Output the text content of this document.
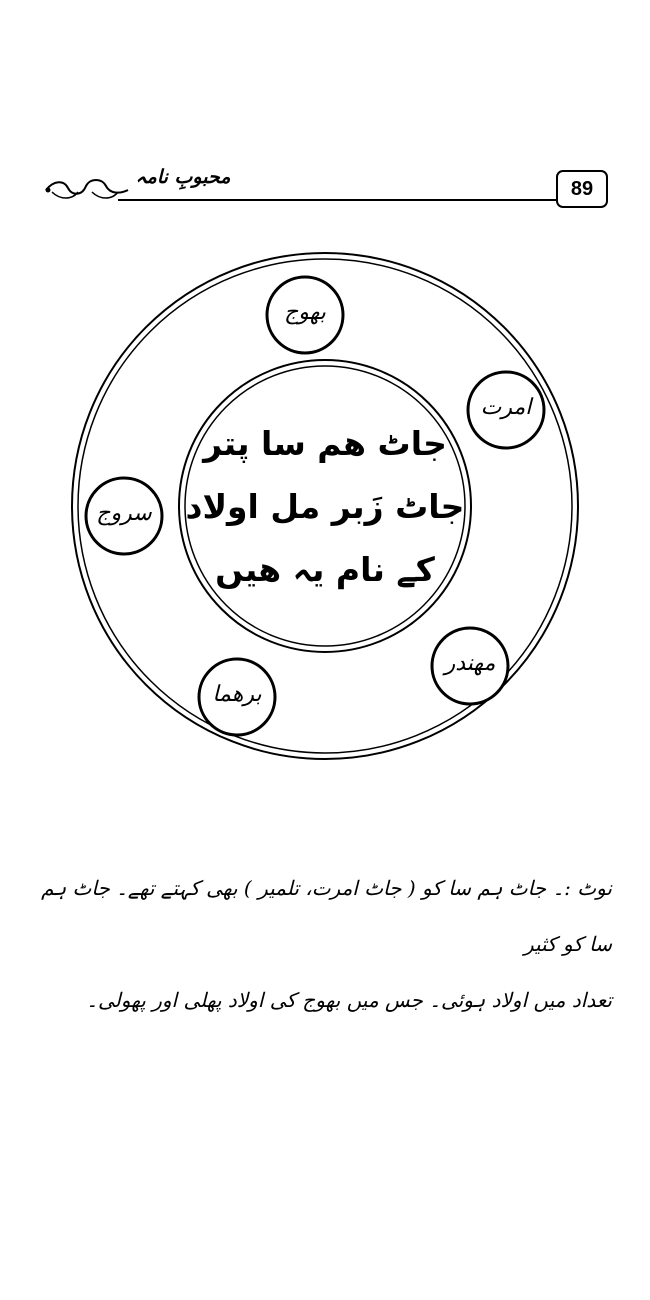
محبوبِ نامہ
89
بھوج
امرت
سروج
مھندر
برھما
جاٹ ھم سا پتر
جاٹ زَبر مل اولاد
کے نام یہ ھیں
نوٹ :۔ جاٹ ہم سا کو ( جاٹ امرت، تلمیر ) بھی کہتے تھے۔ جاٹ ہم سا کو کثیر
تعداد میں اولاد ہوئی۔ جس میں بھوج کی اولاد پھلی اور پھولی۔
